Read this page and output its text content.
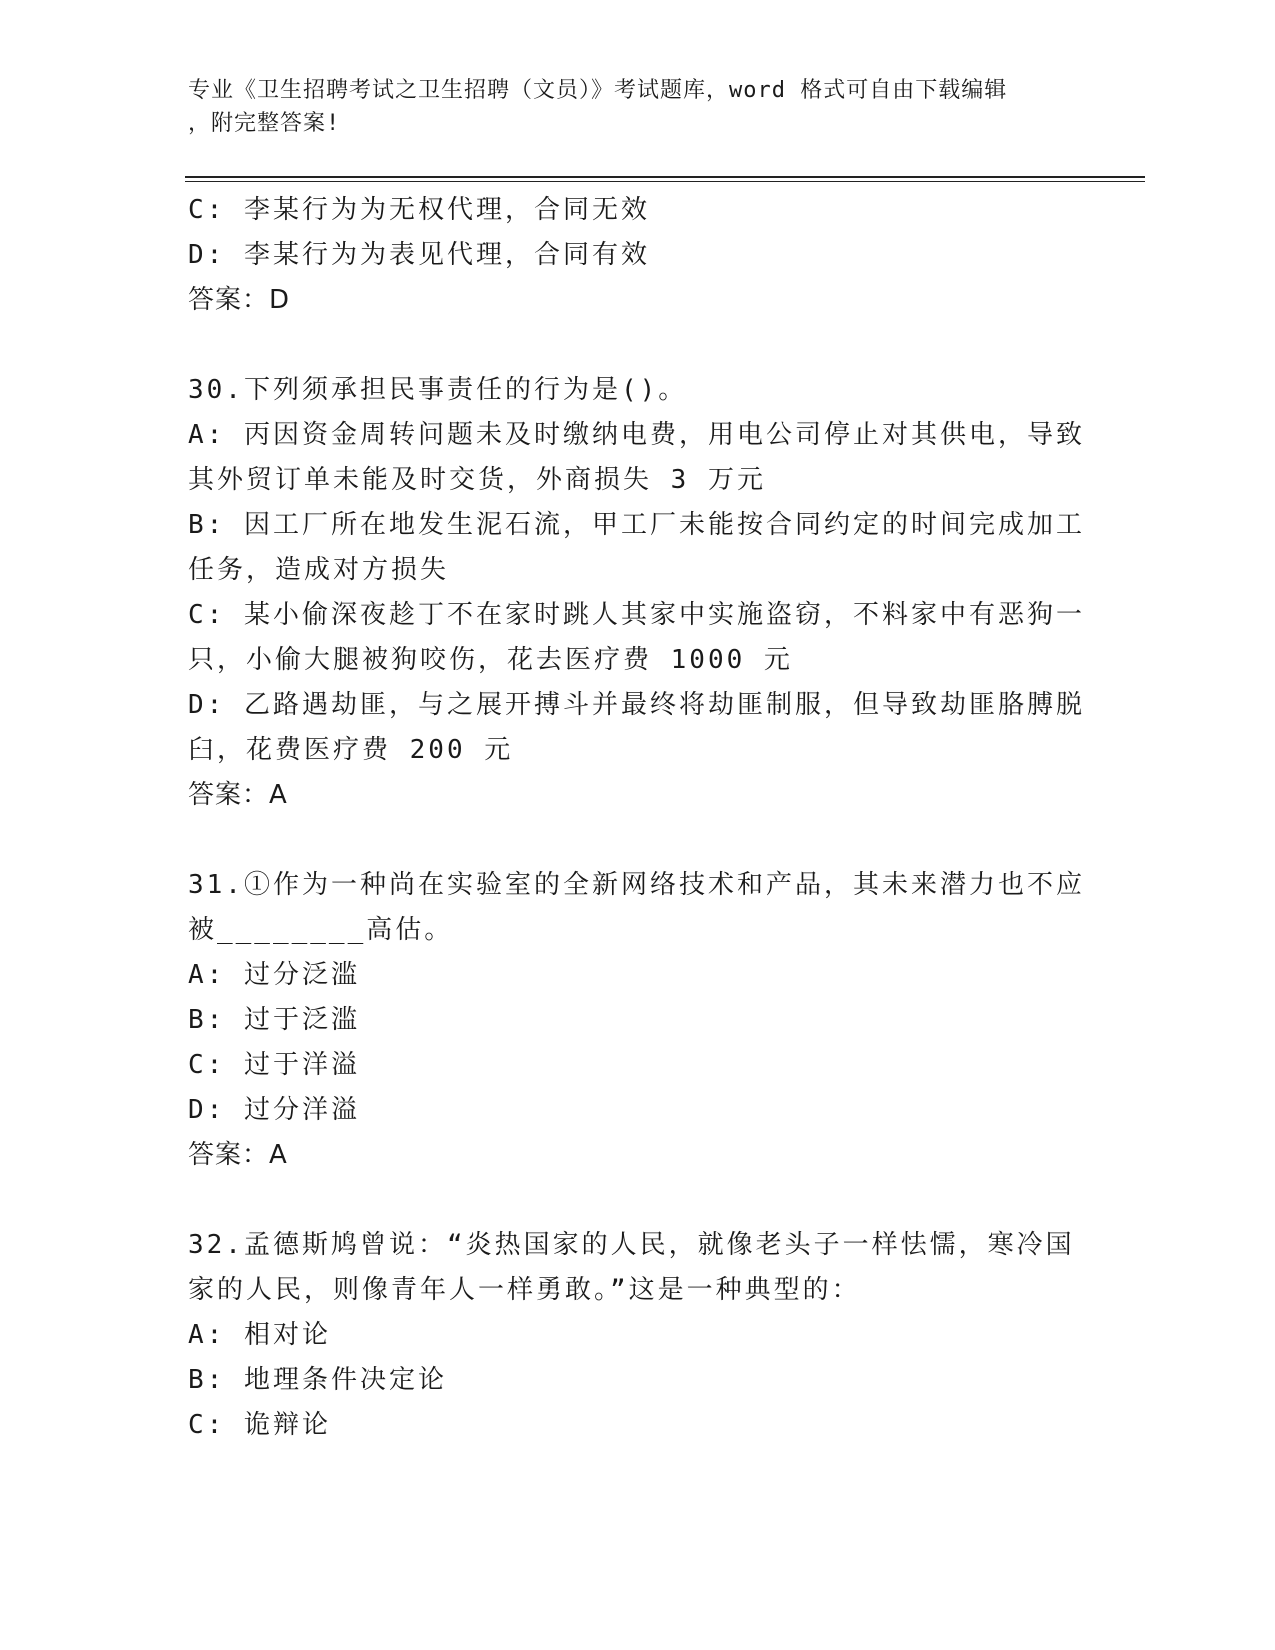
专业《卫生招聘考试之卫生招聘（文员）》考试题库，word 格式可自由下载编辑
，附完整答案!
C: 李某行为为无权代理，合同无效
D: 李某行为为表见代理，合同有效
答案：D
30.下列须承担民事责任的行为是()。
A: 丙因资金周转问题未及时缴纳电费，用电公司停止对其供电，导致
其外贸订单未能及时交货，外商损失 3 万元
B: 因工厂所在地发生泥石流，甲工厂未能按合同约定的时间完成加工
任务，造成对方损失
C: 某小偷深夜趁丁不在家时跳人其家中实施盗窃，不料家中有恶狗一
只，小偷大腿被狗咬伤，花去医疗费 1000 元
D: 乙路遇劫匪，与之展开搏斗并最终将劫匪制服，但导致劫匪胳膊脱
臼，花费医疗费 200 元
答案：A
31.①作为一种尚在实验室的全新网络技术和产品，其未来潜力也不应
被________高估。
A: 过分泛滥
B: 过于泛滥
C: 过于洋溢
D: 过分洋溢
答案：A
32.孟德斯鸠曾说：“炎热国家的人民，就像老头子一样怯懦，寒冷国
家的人民，则像青年人一样勇敢。”这是一种典型的：
A: 相对论
B: 地理条件决定论
C: 诡辩论
